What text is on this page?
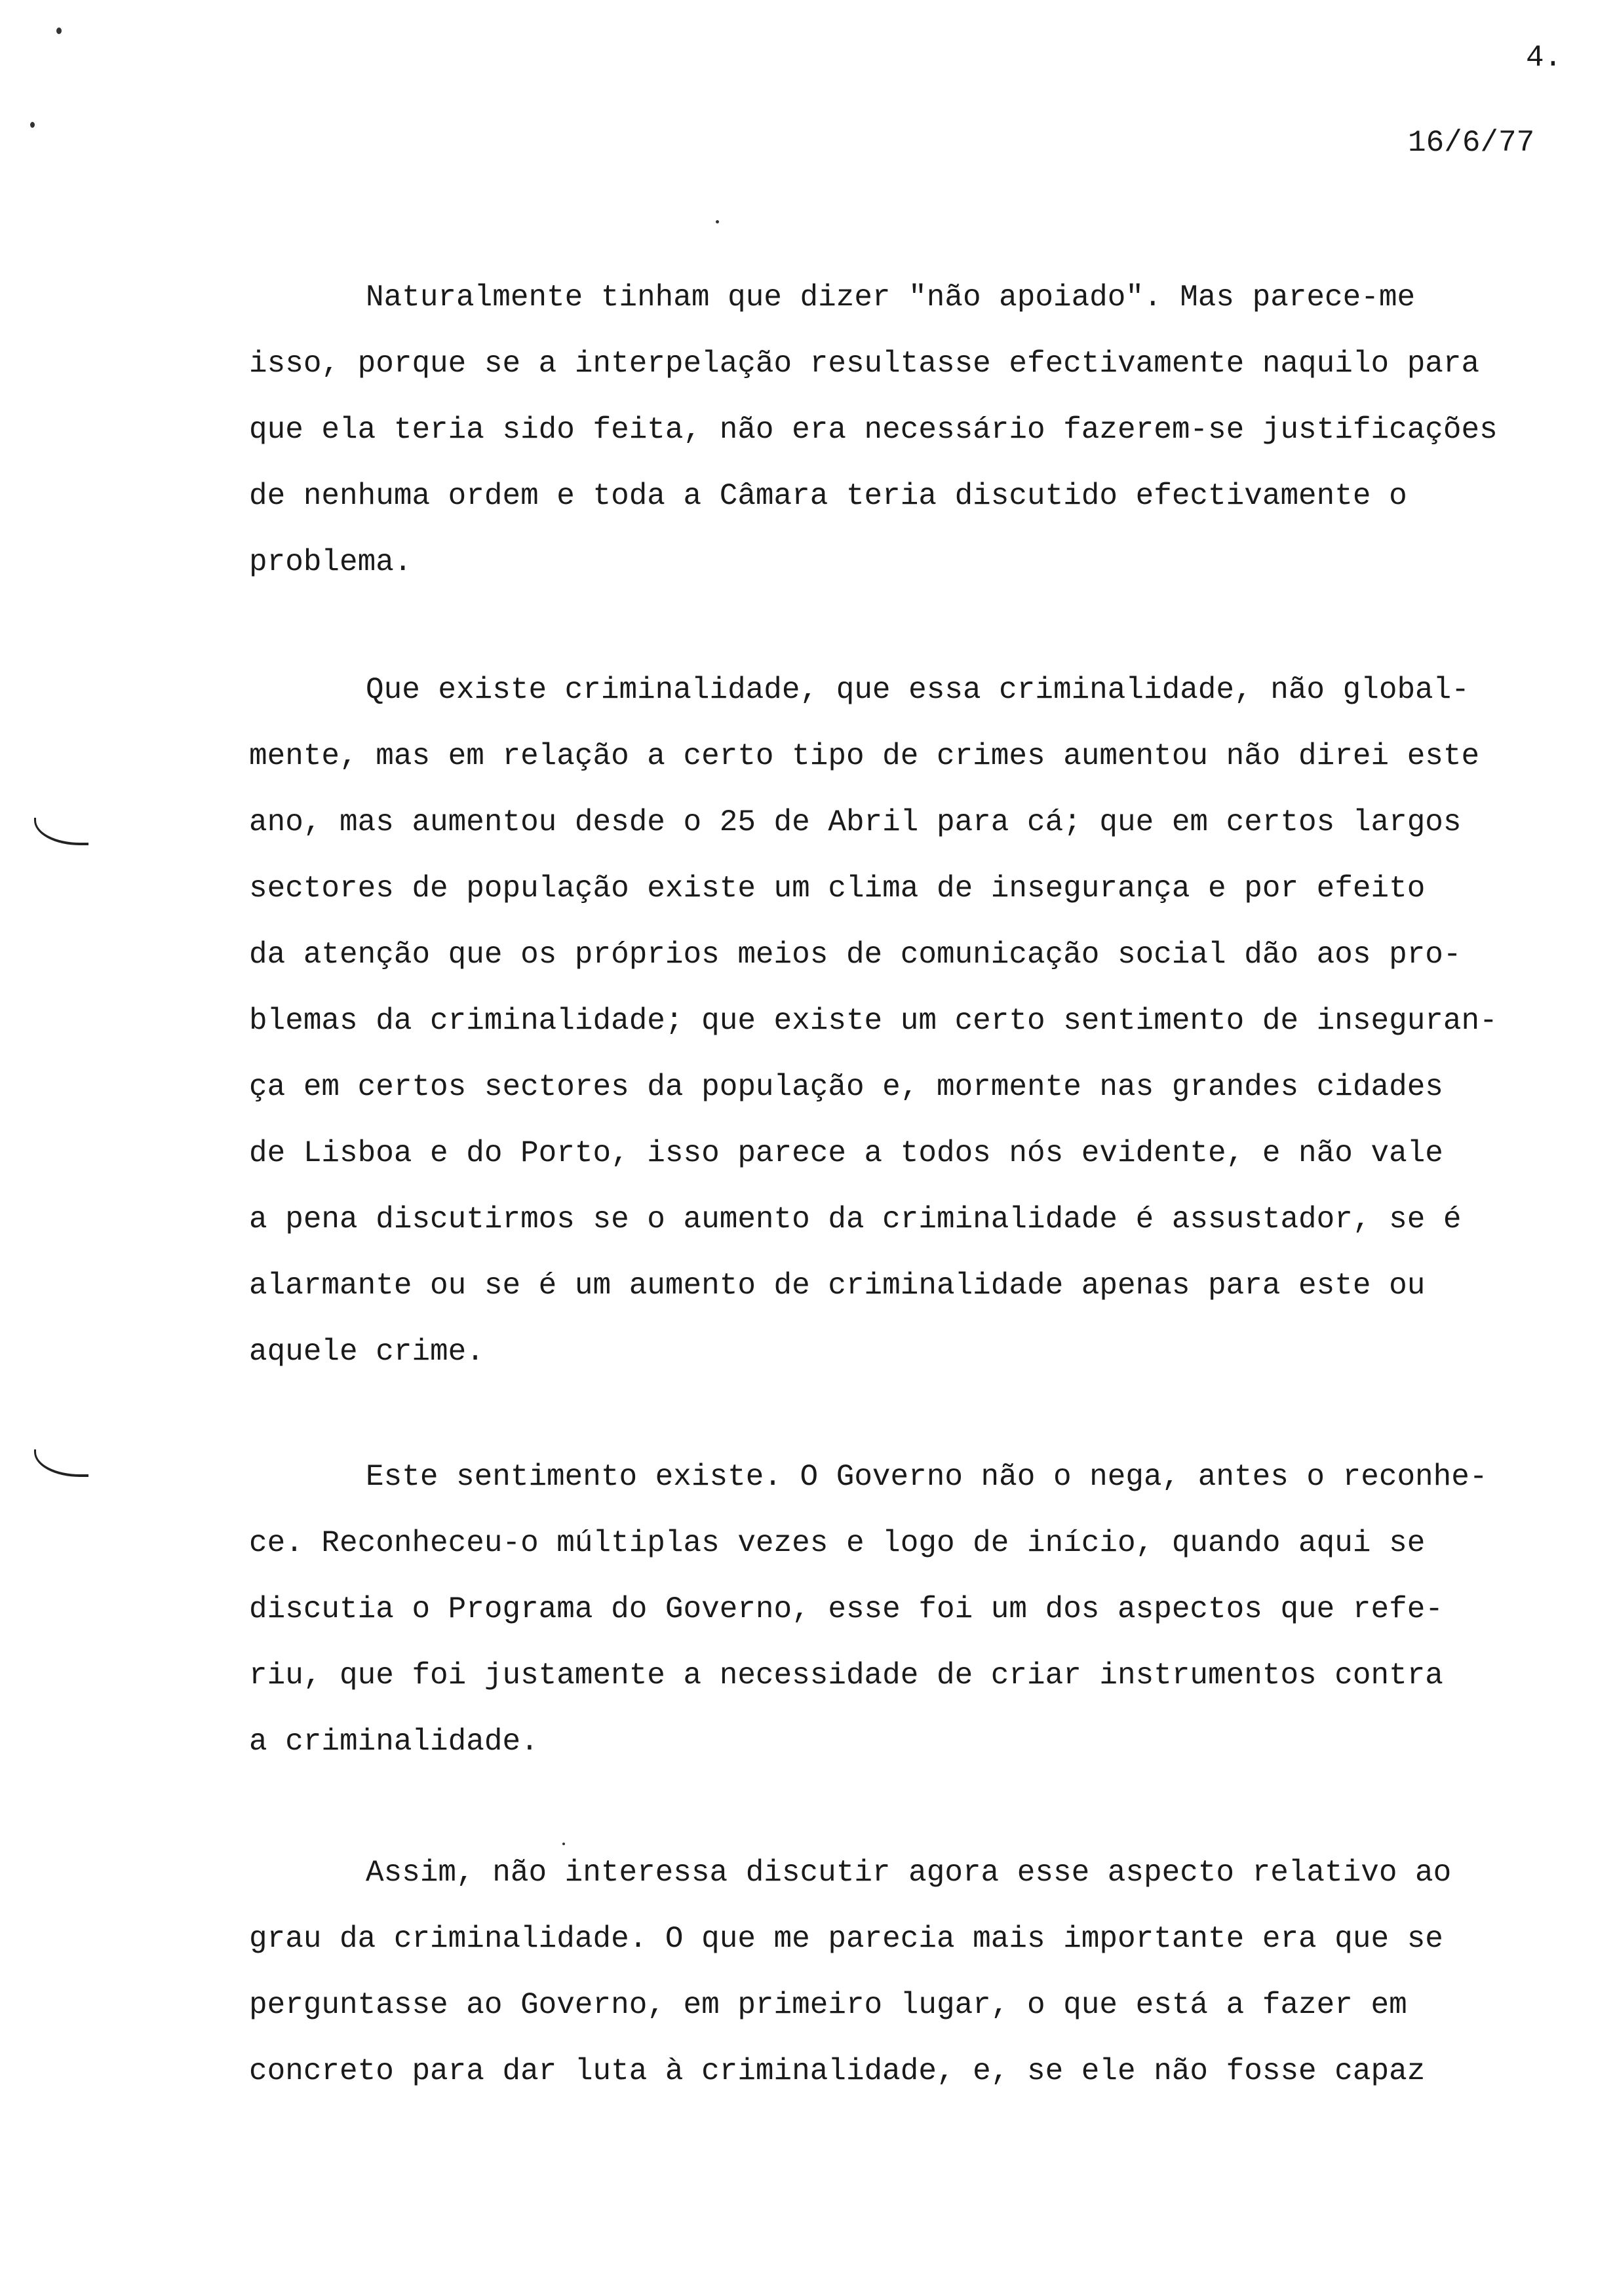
4.
16/6/77
Naturalmente tinham que dizer "não apoiado". Mas parece-me
isso, porque se a interpelação resultasse efectivamente naquilo para
que ela teria sido feita, não era necessário fazerem-se justificações
de nenhuma ordem e toda a Câmara teria discutido efectivamente o
problema.
Que existe criminalidade, que essa criminalidade, não global-
mente, mas em relação a certo tipo de crimes aumentou não direi este
ano, mas aumentou desde o 25 de Abril para cá; que em certos largos
sectores de população existe um clima de insegurança e por efeito
da atenção que os próprios meios de comunicação social dão aos pro-
blemas da criminalidade; que existe um certo sentimento de inseguran-
ça em certos sectores da população e, mormente nas grandes cidades
de Lisboa e do Porto, isso parece a todos nós evidente, e não vale
a pena discutirmos se o aumento da criminalidade é assustador, se é
alarmante ou se é um aumento de criminalidade apenas para este ou
aquele crime.
Este sentimento existe. O Governo não o nega, antes o reconhe-
ce. Reconheceu-o múltiplas vezes e logo de início, quando aqui se
discutia o Programa do Governo, esse foi um dos aspectos que refe-
riu, que foi justamente a necessidade de criar instrumentos contra
a criminalidade.
Assim, não interessa discutir agora esse aspecto relativo ao
grau da criminalidade. O que me parecia mais importante era que se
perguntasse ao Governo, em primeiro lugar, o que está a fazer em
concreto para dar luta à criminalidade, e, se ele não fosse capaz
